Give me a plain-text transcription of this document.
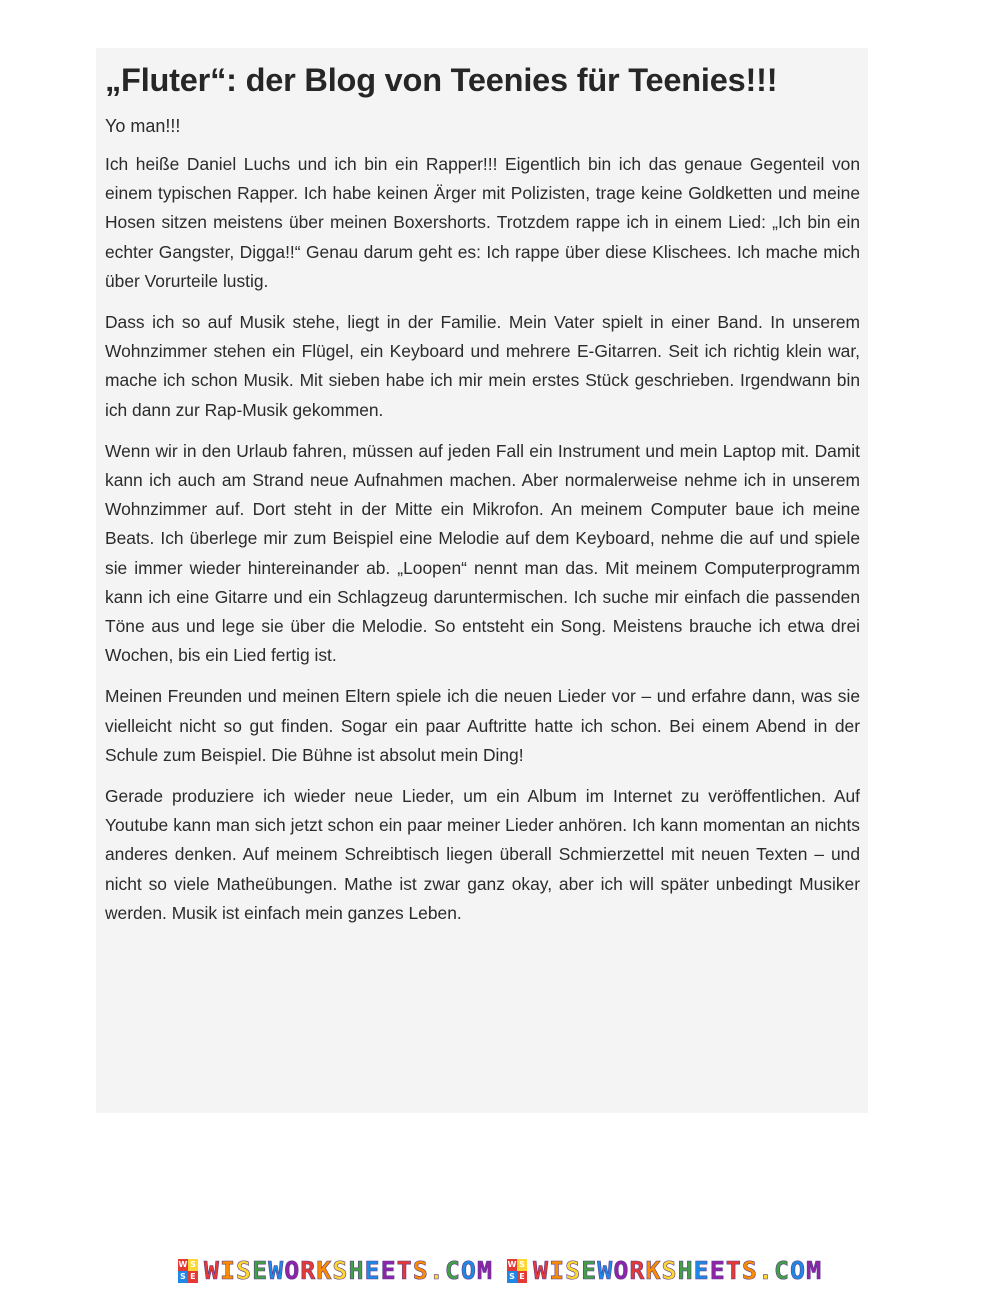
„Fluter“: der Blog von Teenies für Teenies!!!

Yo man!!!

Ich heiße Daniel Luchs und ich bin ein Rapper!!! Eigentlich bin ich das genaue Gegenteil von einem typischen Rapper. Ich habe keinen Ärger mit Polizisten, trage keine Goldketten und meine Hosen sitzen meistens über meinen Boxershorts. Trotzdem rappe ich in einem Lied: „Ich bin ein echter Gangster, Digga!!“ Genau darum geht es: Ich rappe über diese Klischees. Ich mache mich über Vorurteile lustig.

Dass ich so auf Musik stehe, liegt in der Familie. Mein Vater spielt in einer Band. In unserem Wohnzimmer stehen ein Flügel, ein Keyboard und mehrere E-Gitarren. Seit ich richtig klein war, mache ich schon Musik. Mit sieben habe ich mir mein erstes Stück geschrieben. Irgendwann bin ich dann zur Rap-Musik gekommen.

Wenn wir in den Urlaub fahren, müssen auf jeden Fall ein Instrument und mein Laptop mit. Damit kann ich auch am Strand neue Aufnahmen machen. Aber normalerweise nehme ich in unserem Wohnzimmer auf. Dort steht in der Mitte ein Mikrofon. An meinem Computer baue ich meine Beats. Ich überlege mir zum Beispiel eine Melodie auf dem Keyboard, nehme die auf und spiele sie immer wieder hintereinander ab. „Loopen“ nennt man das. Mit meinem Computerprogramm kann ich eine Gitarre und ein Schlagzeug daruntermischen. Ich suche mir einfach die passenden Töne aus und lege sie über die Melodie. So entsteht ein Song. Meistens brauche ich etwa drei Wochen, bis ein Lied fertig ist.

Meinen Freunden und meinen Eltern spiele ich die neuen Lieder vor – und erfahre dann, was sie vielleicht nicht so gut finden. Sogar ein paar Auftritte hatte ich schon. Bei einem Abend in der Schule zum Beispiel. Die Bühne ist absolut mein Ding!

Gerade produziere ich wieder neue Lieder, um ein Album im Internet zu veröffentlichen. Auf Youtube kann man sich jetzt schon ein paar meiner Lieder anhören. Ich kann momentan an nichts anderes denken. Auf meinem Schreibtisch liegen überall Schmierzettel mit neuen Texten – und nicht so viele Matheübungen. Mathe ist zwar ganz okay, aber ich will später unbedingt Musiker werden. Musik ist einfach mein ganzes Leben.

W S
S E WISEWORKSHEETS.COM W S
S E WISEWORKSHEETS.COM
